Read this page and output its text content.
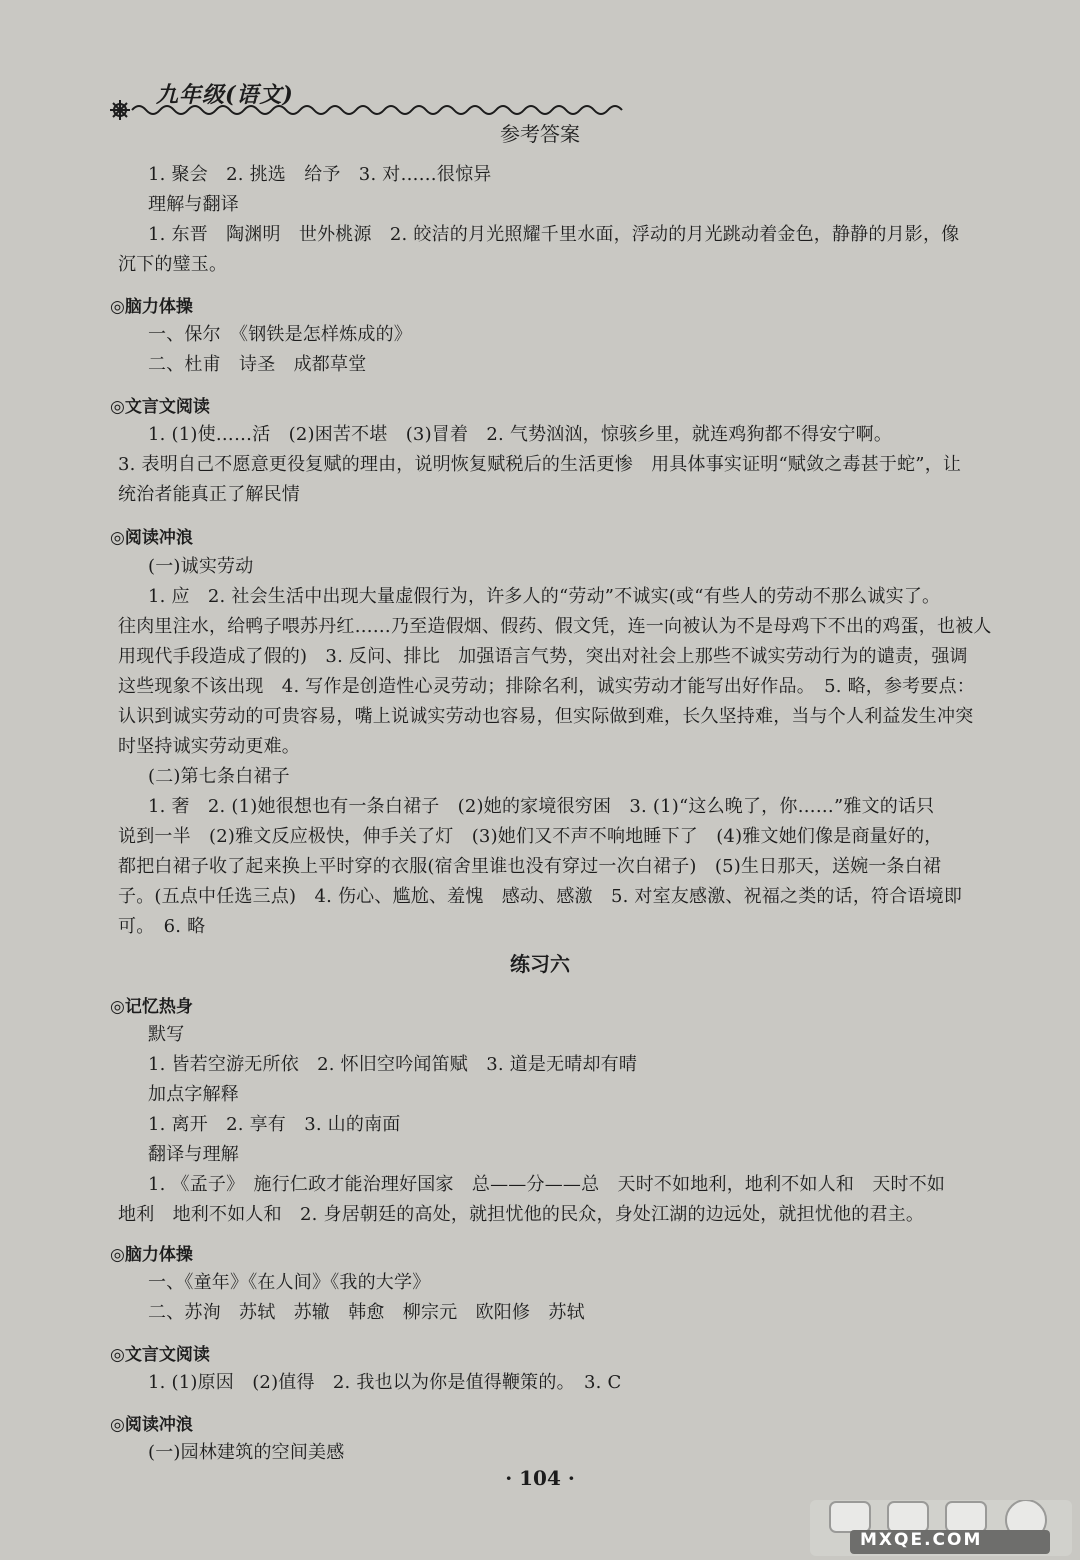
九年级(语文)
参考答案
1. 聚会　2. 挑选　给予　3. 对……很惊异
理解与翻译
1. 东晋　陶渊明　世外桃源　2. 皎洁的月光照耀千里水面，浮动的月光跳动着金色，静静的月影，像
沉下的璧玉。
◎脑力体操
一、保尔　《钢铁是怎样炼成的》
二、杜甫　诗圣　成都草堂
◎文言文阅读
1. (1)使……活　(2)困苦不堪　(3)冒着　2. 气势汹汹，惊骇乡里，就连鸡狗都不得安宁啊。
3. 表明自己不愿意更役复赋的理由，说明恢复赋税后的生活更惨　用具体事实证明“赋敛之毒甚于蛇”，让
统治者能真正了解民情
◎阅读冲浪
(一)诚实劳动
1. 应　2. 社会生活中出现大量虚假行为，许多人的“劳动”不诚实(或“有些人的劳动不那么诚实了。
往肉里注水，给鸭子喂苏丹红……乃至造假烟、假药、假文凭，连一向被认为不是母鸡下不出的鸡蛋，也被人
用现代手段造成了假的)　3. 反问、排比　加强语言气势，突出对社会上那些不诚实劳动行为的谴责，强调
这些现象不该出现　4. 写作是创造性心灵劳动；排除名利，诚实劳动才能写出好作品。　5. 略，参考要点：
认识到诚实劳动的可贵容易，嘴上说诚实劳动也容易，但实际做到难，长久坚持难，当与个人利益发生冲突
时坚持诚实劳动更难。
(二)第七条白裙子
1. 奢　2. (1)她很想也有一条白裙子　(2)她的家境很穷困　3. (1)“这么晚了，你……”雅文的话只
说到一半　(2)雅文反应极快，伸手关了灯　(3)她们又不声不响地睡下了　(4)雅文她们像是商量好的，
都把白裙子收了起来换上平时穿的衣服(宿舍里谁也没有穿过一次白裙子)　(5)生日那天，送婉一条白裙
子。(五点中任选三点)　4. 伤心、尴尬、羞愧　感动、感激　5. 对室友感激、祝福之类的话，符合语境即
可。　6. 略
练习六
◎记忆热身
默写
1. 皆若空游无所依　2. 怀旧空吟闻笛赋　3. 道是无晴却有晴
加点字解释
1. 离开　2. 享有　3. 山的南面
翻译与理解
1. 《孟子》　施行仁政才能治理好国家　总——分——总　天时不如地利，地利不如人和　天时不如
地利　地利不如人和　2. 身居朝廷的高处，就担忧他的民众，身处江湖的边远处，就担忧他的君主。
◎脑力体操
一、《童年》《在人间》《我的大学》
二、苏洵　苏轼　苏辙　韩愈　柳宗元　欧阳修　苏轼
◎文言文阅读
1. (1)原因　(2)值得　2. 我也以为你是值得鞭策的。　3. C
◎阅读冲浪
(一)园林建筑的空间美感
· 104 ·
MXQE.COM
